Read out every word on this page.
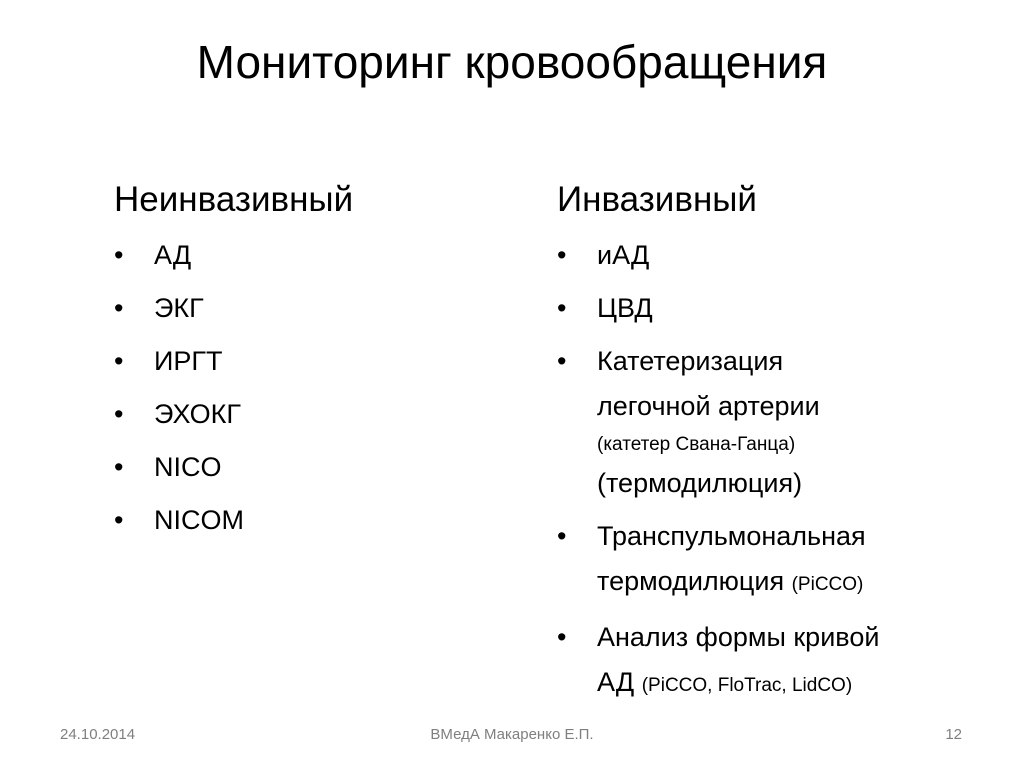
Мониторинг кровообращения
Неинвазивный
• АД
• ЭКГ
• ИРГТ
• ЭХОКГ
• NICO
• NICOM
Инвазивный
• иАД
• ЦВД
• Катетеризация
легочной артерии
(катетер Свана-Ганца)
(термодилюция)
• Транспульмональная
термодилюция (PiCCO)
• Анализ формы кривой
АД (PiCCO, FloTrac, LidCO)
24.10.2014	ВМедА Макаренко Е.П.	12
